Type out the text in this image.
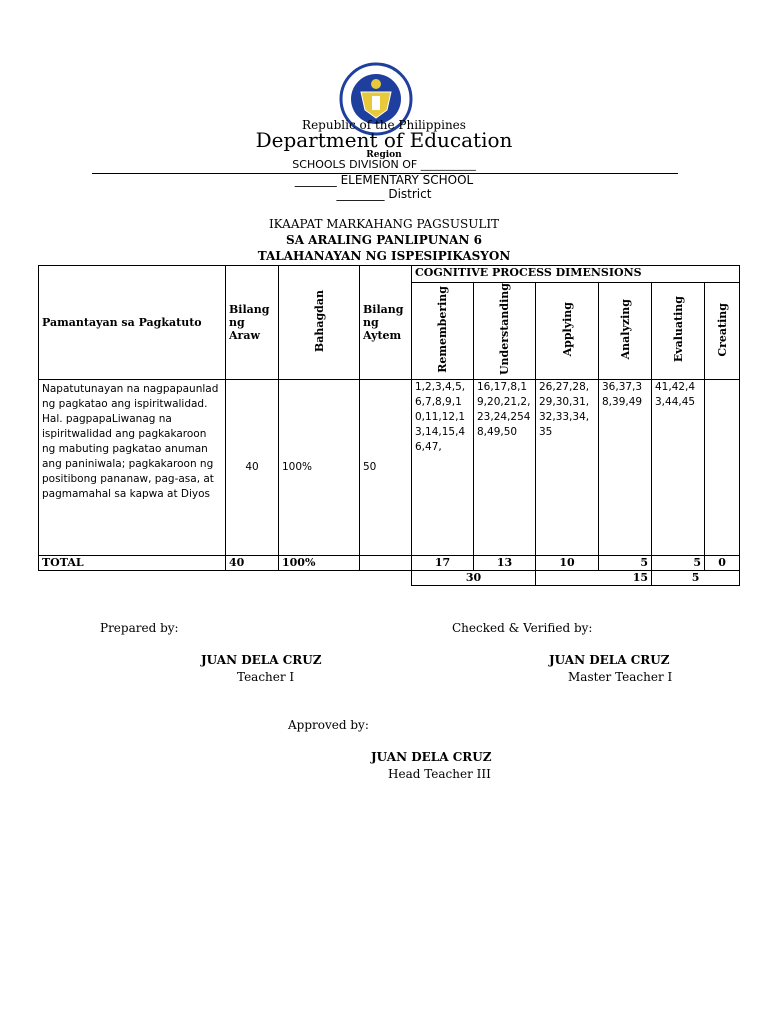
Republic of the Philippines
Department of Education
Region
SCHOOLS DIVISION OF __________
_______ ELEMENTARY SCHOOL
________ District
IKAAPAT MARKAHANG PAGSUSULIT
SA ARALING PANLIPUNAN 6
TALAHANAYAN NG ISPESIPIKASYON
Pamantayan sa Pagkatuto	Bilang ng Araw	Bahagdan	Bilang ng Aytem	COGNITIVE PROCESS DIMENSIONS					
				Remembering	Understanding	Applying	Analyzing	Evaluating	Creating
Napatutunayan na nagpapaunlad ng pagkatao ang ispiritwalidad. Hal. pagpapaLiwanag na ispiritwalidad ang pagkakaroon ng mabuting pagkatao anuman ang paniniwala; pagkakaroon ng positibong pananaw, pag-asa, at pagmamahal sa kapwa at Diyos	40	100%	50	1,2,3,4,5,6,7,8,9,10,11,12,13,14,15,46,47,	16,17,8,19,20,21,2,23,24,2548,49,50	26,27,28,29,30,31,32,33,34,35	36,37,38,39,49	41,42,43,44,45	
TOTAL	40	100%		17	13	10	5	5	0
				30		15		5	
Prepared by:	Checked & Verified by:
JUAN DELA CRUZ
Teacher I
JUAN DELA CRUZ
Master Teacher I
Approved by:
JUAN DELA CRUZ
Head Teacher III
